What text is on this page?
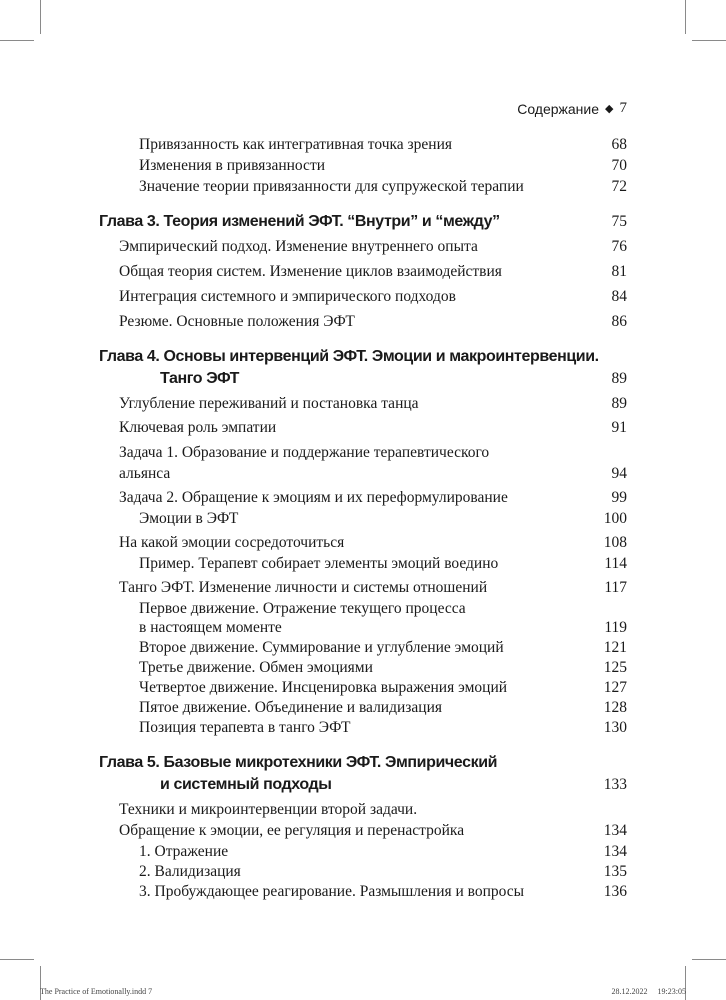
Содержание ◆ 7
Привязанность как интегративная точка зрения	68
Изменения в привязанности	70
Значение теории привязанности для супружеской терапии	72
Глава 3. Теория изменений ЭФТ. “Внутри” и “между”	75
Эмпирический подход. Изменение внутреннего опыта	76
Общая теория систем. Изменение циклов взаимодействия	81
Интеграция системного и эмпирического подходов	84
Резюме. Основные положения ЭФТ	86
Глава 4. Основы интервенций ЭФТ. Эмоции и макроинтервенции.
Танго ЭФТ	89
Углубление переживаний и постановка танца	89
Ключевая роль эмпатии	91
Задача 1. Образование и поддержание терапевтического
альянса	94
Задача 2. Обращение к эмоциям и их переформулирование	99
Эмоции в ЭФТ	100
На какой эмоции сосредоточиться	108
Пример. Терапевт собирает элементы эмоций воедино	114
Танго ЭФТ. Изменение личности и системы отношений	117
Первое движение. Отражение текущего процесса
в настоящем моменте	119
Второе движение. Суммирование и углубление эмоций	121
Третье движение. Обмен эмоциями	125
Четвертое движение. Инсценировка выражения эмоций	127
Пятое движение. Объединение и валидизация	128
Позиция терапевта в танго ЭФТ	130
Глава 5. Базовые микротехники ЭФТ. Эмпирический
и системный подходы	133
Техники и микроинтервенции второй задачи.
Обращение к эмоции, ее регуляция и перенастройка	134
1. Отражение	134
2. Валидизация	135
3. Пробуждающее реагирование. Размышления и вопросы	136
The Practice of Emotionally.indd 7	28.12.2022 19:23:05
